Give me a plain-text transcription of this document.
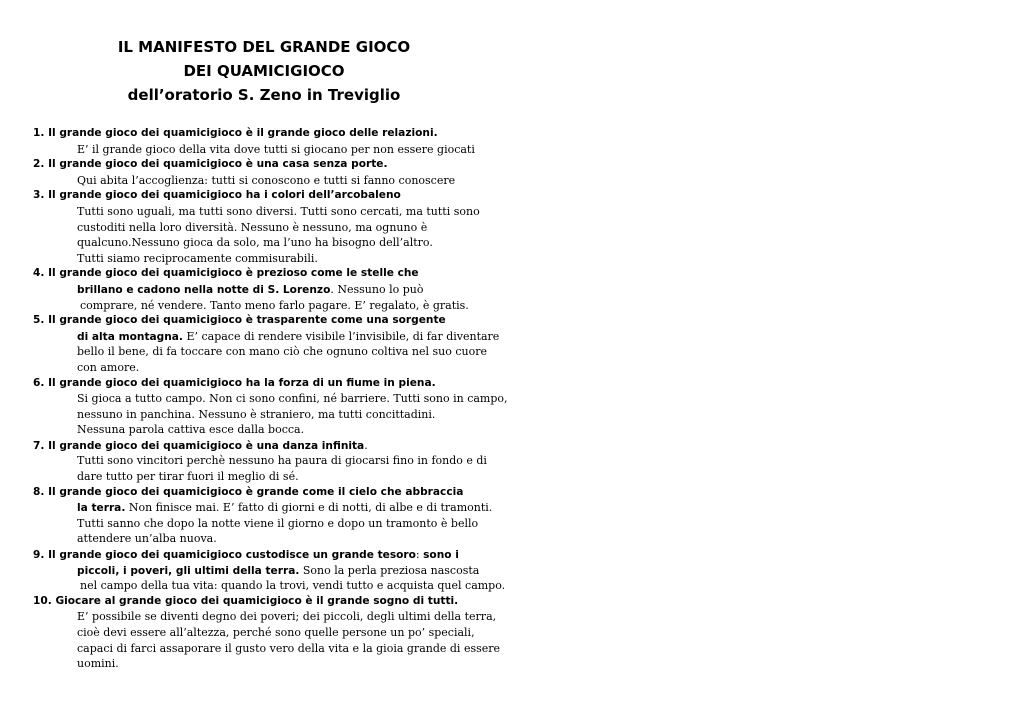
IL MANIFESTO DEL GRANDE GIOCO
DEI QUAMICIGIOCO
dell’oratorio S. Zeno in Treviglio
1. Il grande gioco dei quamicigioco è il grande gioco delle relazioni.
E’ il grande gioco della vita dove tutti si giocano per non essere giocati
2. Il grande gioco dei quamicigioco è una casa senza porte.
Qui abita l’accoglienza: tutti si conoscono e tutti si fanno conoscere
3. Il grande gioco dei quamicigioco ha i colori dell’arcobaleno
Tutti sono uguali, ma tutti sono diversi. Tutti sono cercati, ma tutti sono
custoditi nella loro diversità. Nessuno è nessuno, ma ognuno è
qualcuno.Nessuno gioca da solo, ma l’uno ha bisogno dell’altro.
Tutti siamo reciprocamente commisurabili.
4. Il grande gioco dei quamicigioco è prezioso come le stelle che
brillano e cadono nella notte di S. Lorenzo. Nessuno lo può
comprare, né vendere. Tanto meno farlo pagare. E’ regalato, è gratis.
5. Il grande gioco dei quamicigioco è trasparente come una sorgente
di alta montagna. E’ capace di rendere visibile l’invisibile, di far diventare
bello il bene, di fa toccare con mano ciò che ognuno coltiva nel suo cuore
con amore.
6. Il grande gioco dei quamicigioco ha la forza di un fiume in piena.
Si gioca a tutto campo. Non ci sono confini, né barriere. Tutti sono in campo,
nessuno in panchina. Nessuno è straniero, ma tutti concittadini.
Nessuna parola cattiva esce dalla bocca.
7. Il grande gioco dei quamicigioco è una danza infinita.
Tutti sono vincitori perchè nessuno ha paura di giocarsi fino in fondo e di
dare tutto per tirar fuori il meglio di sé.
8. Il grande gioco dei quamicigioco è grande come il cielo che abbraccia
la terra. Non finisce mai. E’ fatto di giorni e di notti, di albe e di tramonti.
Tutti sanno che dopo la notte viene il giorno e dopo un tramonto è bello
attendere un’alba nuova.
9. Il grande gioco dei quamicigioco custodisce un grande tesoro: sono i
piccoli, i poveri, gli ultimi della terra. Sono la perla preziosa nascosta
nel campo della tua vita: quando la trovi, vendi tutto e acquista quel campo.
10. Giocare al grande gioco dei quamicigioco è il grande sogno di tutti.
E’ possibile se diventi degno dei poveri; dei piccoli, degli ultimi della terra,
cioè devi essere all’altezza, perché sono quelle persone un po’ speciali,
capaci di farci assaporare il gusto vero della vita e la gioia grande di essere
uomini.
